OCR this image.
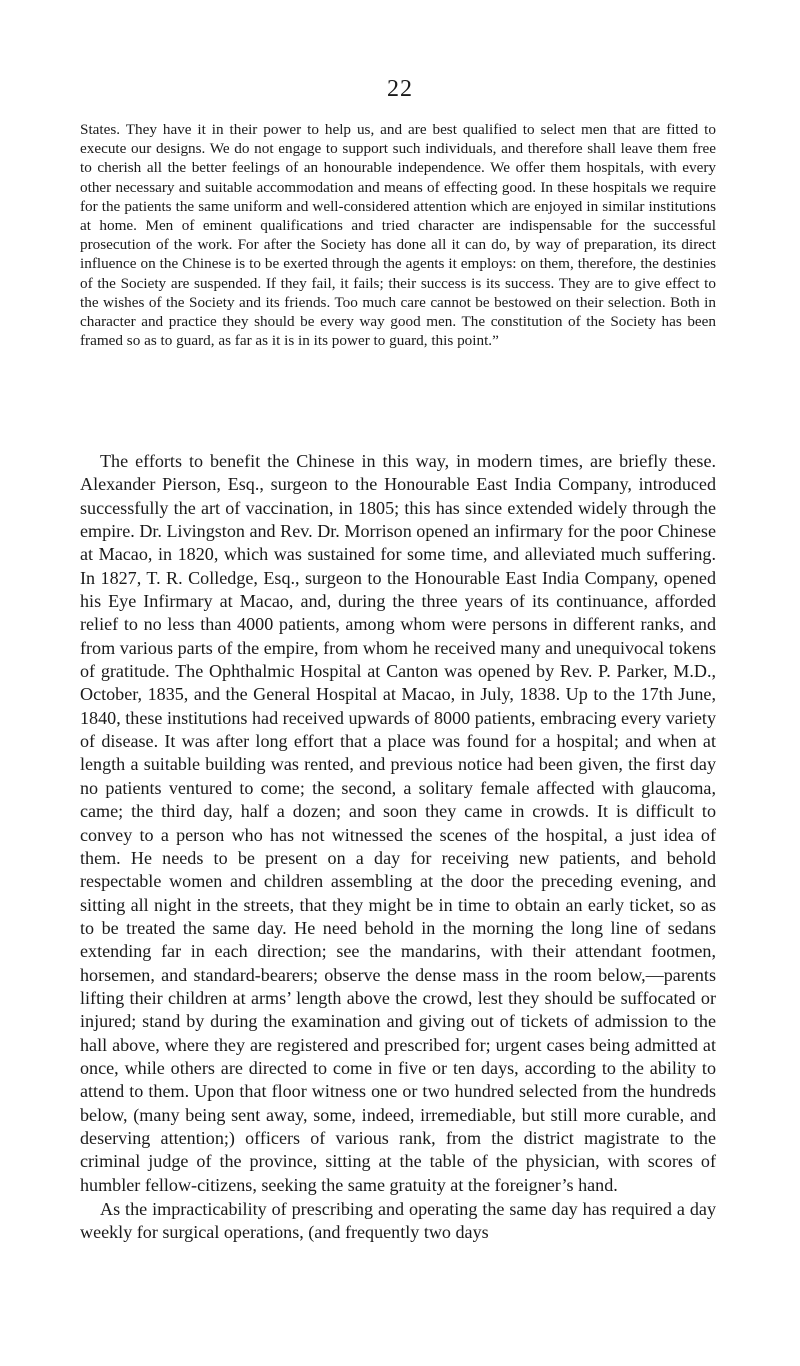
22

States. They have it in their power to help us, and are best qualified to select men that are fitted to execute our designs. We do not engage to support such individuals, and therefore shall leave them free to cherish all the better feelings of an honourable independence. We offer them hospitals, with every other necessary and suitable accommodation and means of effecting good. In these hospitals we require for the patients the same uniform and well-considered attention which are enjoyed in similar institutions at home. Men of eminent qualifications and tried character are indispensable for the successful prosecution of the work. For after the Society has done all it can do, by way of preparation, its direct influence on the Chinese is to be exerted through the agents it employs: on them, therefore, the destinies of the Society are suspended. If they fail, it fails; their success is its success. They are to give effect to the wishes of the Society and its friends. Too much care cannot be bestowed on their selection. Both in character and practice they should be every way good men. The constitution of the Society has been framed so as to guard, as far as it is in its power to guard, this point.”

The efforts to benefit the Chinese in this way, in modern times, are briefly these. Alexander Pierson, Esq., surgeon to the Honourable East India Company, introduced successfully the art of vaccination, in 1805; this has since extended widely through the empire. Dr. Livingston and Rev. Dr. Morrison opened an infirmary for the poor Chinese at Macao, in 1820, which was sustained for some time, and alleviated much suffering. In 1827, T. R. Colledge, Esq., surgeon to the Honourable East India Company, opened his Eye Infirmary at Macao, and, during the three years of its continuance, afforded relief to no less than 4000 patients, among whom were persons in different ranks, and from various parts of the empire, from whom he received many and unequivocal tokens of gratitude. The Ophthalmic Hospital at Canton was opened by Rev. P. Parker, M.D., October, 1835, and the General Hospital at Macao, in July, 1838. Up to the 17th June, 1840, these institutions had received upwards of 8000 patients, embracing every variety of disease. It was after long effort that a place was found for a hospital; and when at length a suitable building was rented, and previous notice had been given, the first day no patients ventured to come; the second, a solitary female affected with glaucoma, came; the third day, half a dozen; and soon they came in crowds. It is difficult to convey to a person who has not witnessed the scenes of the hospital, a just idea of them. He needs to be present on a day for receiving new patients, and behold respectable women and children assembling at the door the preceding evening, and sitting all night in the streets, that they might be in time to obtain an early ticket, so as to be treated the same day. He need behold in the morning the long line of sedans extending far in each direction; see the mandarins, with their attendant footmen, horsemen, and standard-bearers; observe the dense mass in the room below,—parents lifting their children at arms’ length above the crowd, lest they should be suffocated or injured; stand by during the examination and giving out of tickets of admission to the hall above, where they are registered and prescribed for; urgent cases being admitted at once, while others are directed to come in five or ten days, according to the ability to attend to them. Upon that floor witness one or two hundred selected from the hundreds below, (many being sent away, some, indeed, irremediable, but still more curable, and deserving attention;) officers of various rank, from the district magistrate to the criminal judge of the province, sitting at the table of the physician, with scores of humbler fellow-citizens, seeking the same gratuity at the foreigner’s hand.

As the impracticability of prescribing and operating the same day has required a day weekly for surgical operations, (and frequently two days
